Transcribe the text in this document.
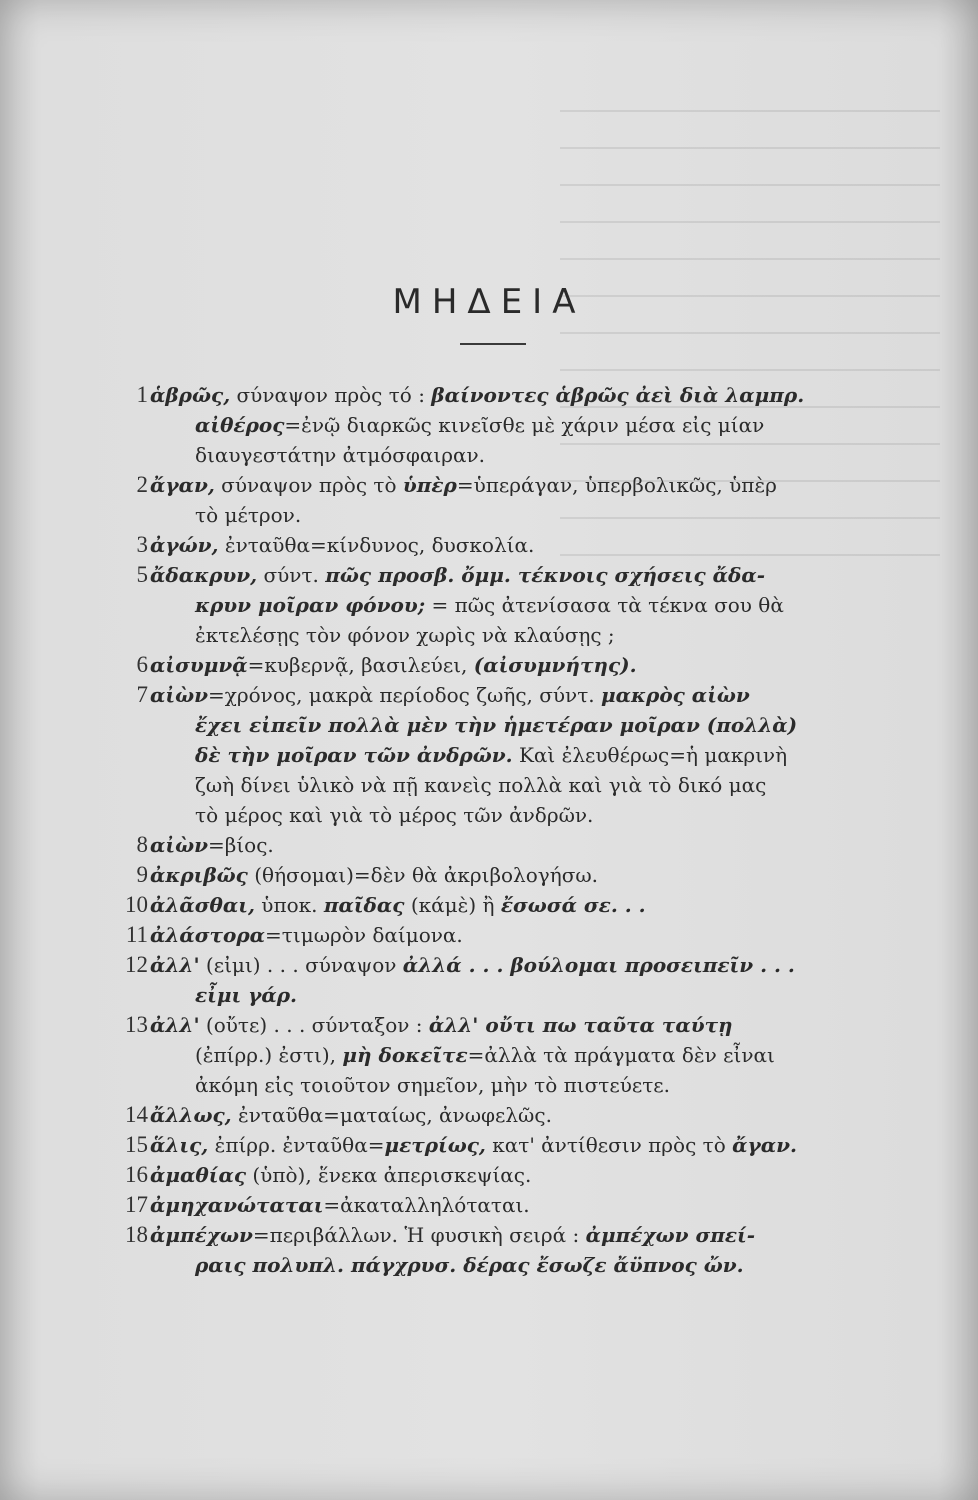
ΜΗΔΕΙΑ
1 ἁβρῶς, σύναψον πρὸς τό : βαίνοντες ἁβρῶς ἀεὶ διὰ λαμπρ.
αἰθέρος=ἐνῷ διαρκῶς κινεῖσθε μὲ χάριν μέσα εἰς μίαν
διαυγεστάτην ἀτμόσφαιραν.
2 ἄγαν, σύναψον πρὸς τὸ ὑπὲρ=ὑπεράγαν, ὑπερβολικῶς, ὑπὲρ
τὸ μέτρον.
3 ἀγών, ἐνταῦθα=κίνδυνος, δυσκολία.
5 ἄδακρυν, σύντ. πῶς προσβ. ὄμμ. τέκνοις σχήσεις ἄδα-
κρυν μοῖραν φόνου; = πῶς ἀτενίσασα τὰ τέκνα σου θὰ
ἐκτελέσῃς τὸν φόνον χωρὶς νὰ κλαύσῃς ;
6 αἰσυμνᾷ=κυβερνᾷ, βασιλεύει, (αἰσυμνήτης).
7 αἰὼν=χρόνος, μακρὰ περίοδος ζωῆς, σύντ. μακρὸς αἰὼν
ἔχει εἰπεῖν πολλὰ μὲν τὴν ἡμετέραν μοῖραν (πολλὰ)
δὲ τὴν μοῖραν τῶν ἀνδρῶν. Καὶ ἐλευθέρως=ἡ μακρινὴ
ζωὴ δίνει ὑλικὸ νὰ πῇ κανεὶς πολλὰ καὶ γιὰ τὸ δικό μας
τὸ μέρος καὶ γιὰ τὸ μέρος τῶν ἀνδρῶν.
8 αἰὼν=βίος.
9 ἀκριβῶς (θήσομαι)=δὲν θὰ ἀκριβολογήσω.
10 ἀλᾶσθαι, ὑποκ. παῖδας (κάμὲ) ἢ ἔσωσά σε. . .
11 ἀλάστορα=τιμωρὸν δαίμονα.
12 ἀλλ' (εἰμι) . . . σύναψον ἀλλά . . . βούλομαι προσειπεῖν . . .
εἶμι γάρ.
13 ἀλλ' (οὔτε) . . . σύνταξον : ἀλλ' οὔτι πω ταῦτα ταύτῃ
(ἐπίρρ.) ἐστι), μὴ δοκεῖτε=ἀλλὰ τὰ πράγματα δὲν εἶναι
ἀκόμη εἰς τοιοῦτον σημεῖον, μὴν τὸ πιστεύετε.
14 ἄλλως, ἐνταῦθα=ματαίως, ἀνωφελῶς.
15 ἅλις, ἐπίρρ. ἐνταῦθα=μετρίως, κατ' ἀντίθεσιν πρὸς τὸ ἄγαν.
16 ἀμαθίας (ὑπὸ), ἕνεκα ἀπερισκεψίας.
17 ἀμηχανώταται=ἀκαταλληλόταται.
18 ἀμπέχων=περιβάλλων. Ἡ φυσικὴ σειρά : ἀμπέχων σπεί-
ραις πολυπλ. πάγχρυσ. δέρας ἔσωζε ἄϋπνος ὤν.
